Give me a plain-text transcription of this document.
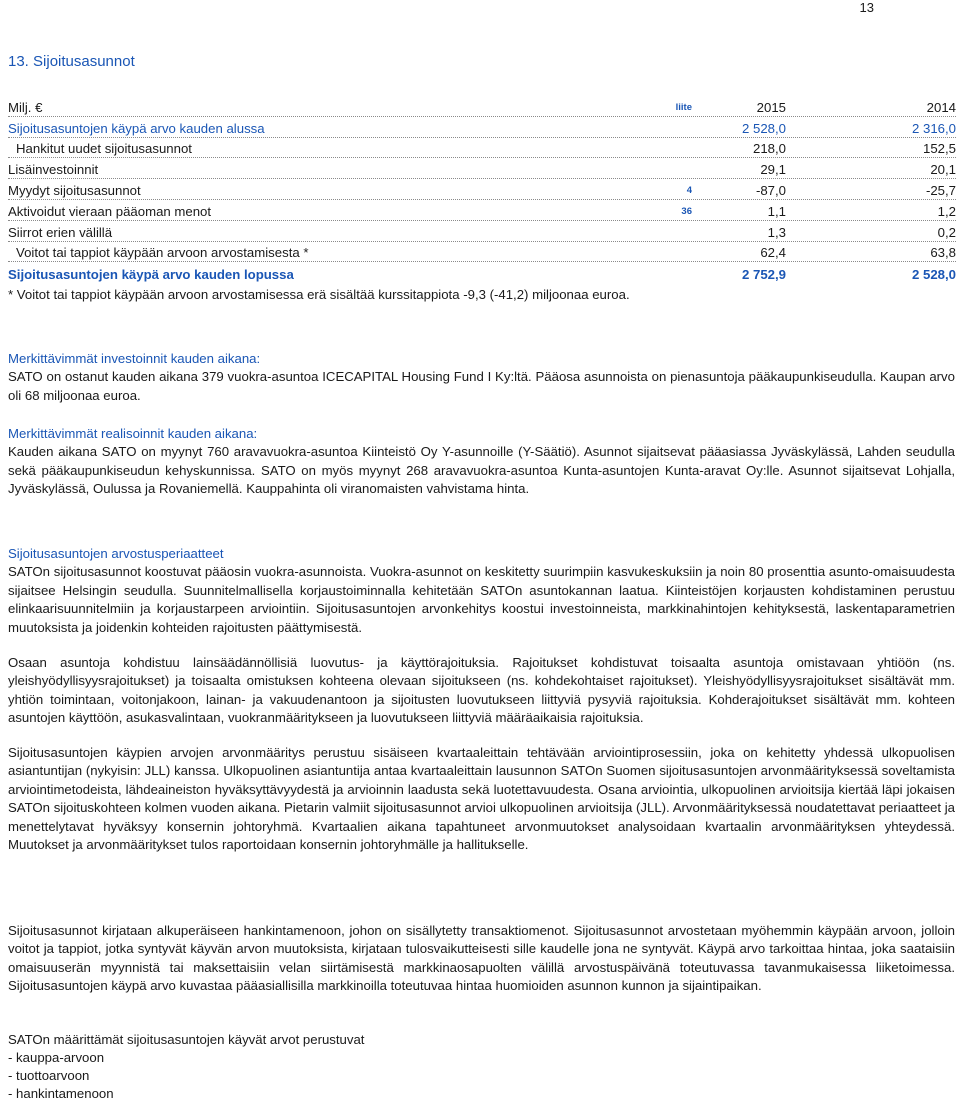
13
13. Sijoitusasunnot
Milj. €	liite	2015	2014
Sijoitusasuntojen käypä arvo kauden alussa	2 528,0	2 316,0
Hankitut uudet sijoitusasunnot	218,0	152,5
Lisäinvestoinnit	29,1	20,1
Myydyt sijoitusasunnot	4	-87,0	-25,7
Aktivoidut vieraan pääoman menot	36	1,1	1,2
Siirrot erien välillä	1,3	0,2
Voitot tai tappiot käypään arvoon arvostamisesta *	62,4	63,8
Sijoitusasuntojen käypä arvo kauden lopussa	2 752,9	2 528,0
* Voitot tai tappiot käypään arvoon arvostamisessa erä sisältää kurssitappiota -9,3 (-41,2) miljoonaa euroa.

Merkittävimmät investoinnit kauden aikana:

SATO on ostanut kauden aikana 379 vuokra-asuntoa ICECAPITAL Housing Fund I Ky:ltä. Pääosa asunnoista on pienasuntoja pääkaupunkiseudulla. Kaupan arvo oli 68 miljoonaa euroa.

Merkittävimmät realisoinnit kauden aikana:

Kauden aikana SATO on myynyt 760 aravavuokra-asuntoa Kiinteistö Oy Y-asunnoille (Y-Säätiö). Asunnot sijaitsevat pääasiassa Jyväskylässä, Lahden seudulla sekä pääkaupunkiseudun kehyskunnissa. SATO on myös myynyt 268 aravavuokra-asuntoa Kunta-asuntojen Kunta-aravat Oy:lle. Asunnot sijaitsevat Lohjalla, Jyväskylässä, Oulussa ja Rovaniemellä. Kauppahinta oli viranomaisten vahvistama hinta.

Sijoitusasuntojen arvostusperiaatteet

SATOn sijoitusasunnot koostuvat pääosin vuokra-asunnoista. Vuokra-asunnot on keskitetty suurimpiin kasvukeskuksiin ja noin 80 prosenttia asunto-omaisuudesta sijaitsee Helsingin seudulla. Suunnitelmallisella korjaustoiminnalla kehitetään SATOn asuntokannan laatua. Kiinteistöjen korjausten kohdistaminen perustuu elinkaarisuunnitelmiin ja korjaustarpeen arviointiin. Sijoitusasuntojen arvonkehitys koostui investoinneista, markkinahintojen kehityksestä, laskentaparametrien muutoksista ja joidenkin kohteiden rajoitusten päättymisestä.

Osaan asuntoja kohdistuu lainsäädännöllisiä luovutus- ja käyttörajoituksia. Rajoitukset kohdistuvat toisaalta asuntoja omistavaan yhtiöön (ns. yleishyödyllisyysrajoitukset) ja toisaalta omistuksen kohteena olevaan sijoitukseen (ns. kohdekohtaiset rajoitukset). Yleishyödyllisyysrajoitukset sisältävät mm. yhtiön toimintaan, voitonjakoon, lainan- ja vakuudenantoon ja sijoitusten luovutukseen liittyviä pysyviä rajoituksia. Kohderajoitukset sisältävät mm. kohteen asuntojen käyttöön, asukasvalintaan, vuokranmääritykseen ja luovutukseen liittyviä määräaikaisia rajoituksia.

Sijoitusasuntojen käypien arvojen arvonmääritys perustuu sisäiseen kvartaaleittain tehtävään arviointiprosessiin, joka on kehitetty yhdessä ulkopuolisen asiantuntijan (nykyisin: JLL) kanssa. Ulkopuolinen asiantuntija antaa kvartaaleittain lausunnon SATOn Suomen sijoitusasuntojen arvonmäärityksessä soveltamista arviointimetodeista, lähdeaineiston hyväksyttävyydestä ja arvioinnin laadusta sekä luotettavuudesta. Osana arviointia, ulkopuolinen arvioitsija kiertää läpi jokaisen SATOn sijoituskohteen kolmen vuoden aikana. Pietarin valmiit sijoitusasunnot arvioi ulkopuolinen arvioitsija (JLL). Arvonmäärityksessä noudatettavat periaatteet ja menettelytavat hyväksyy konsernin johtoryhmä. Kvartaalien aikana tapahtuneet arvonmuutokset analysoidaan kvartaalin arvonmäärityksen yhteydessä. Muutokset ja arvonmääritykset tulos raportoidaan konsernin johtoryhmälle ja hallitukselle.

Sijoitusasunnot kirjataan alkuperäiseen hankintamenoon, johon on sisällytetty transaktiomenot. Sijoitusasunnot arvostetaan myöhemmin käypään arvoon, jolloin voitot ja tappiot, jotka syntyvät käyvän arvon muutoksista, kirjataan tulosvaikutteisesti sille kaudelle jona ne syntyvät. Käypä arvo tarkoittaa hintaa, joka saataisiin omaisuuserän myynnistä tai maksettaisiin velan siirtämisestä markkinaosapuolten välillä arvostuspäivänä toteutuvassa tavanmukaisessa liiketoimessa. Sijoitusasuntojen käypä arvo kuvastaa pääasiallisilla markkinoilla toteutuvaa hintaa huomioiden asunnon kunnon ja sijaintipaikan.

SATOn määrittämät sijoitusasuntojen käyvät arvot perustuvat

- kauppa-arvoon

- tuottoarvoon

- hankintamenoon
